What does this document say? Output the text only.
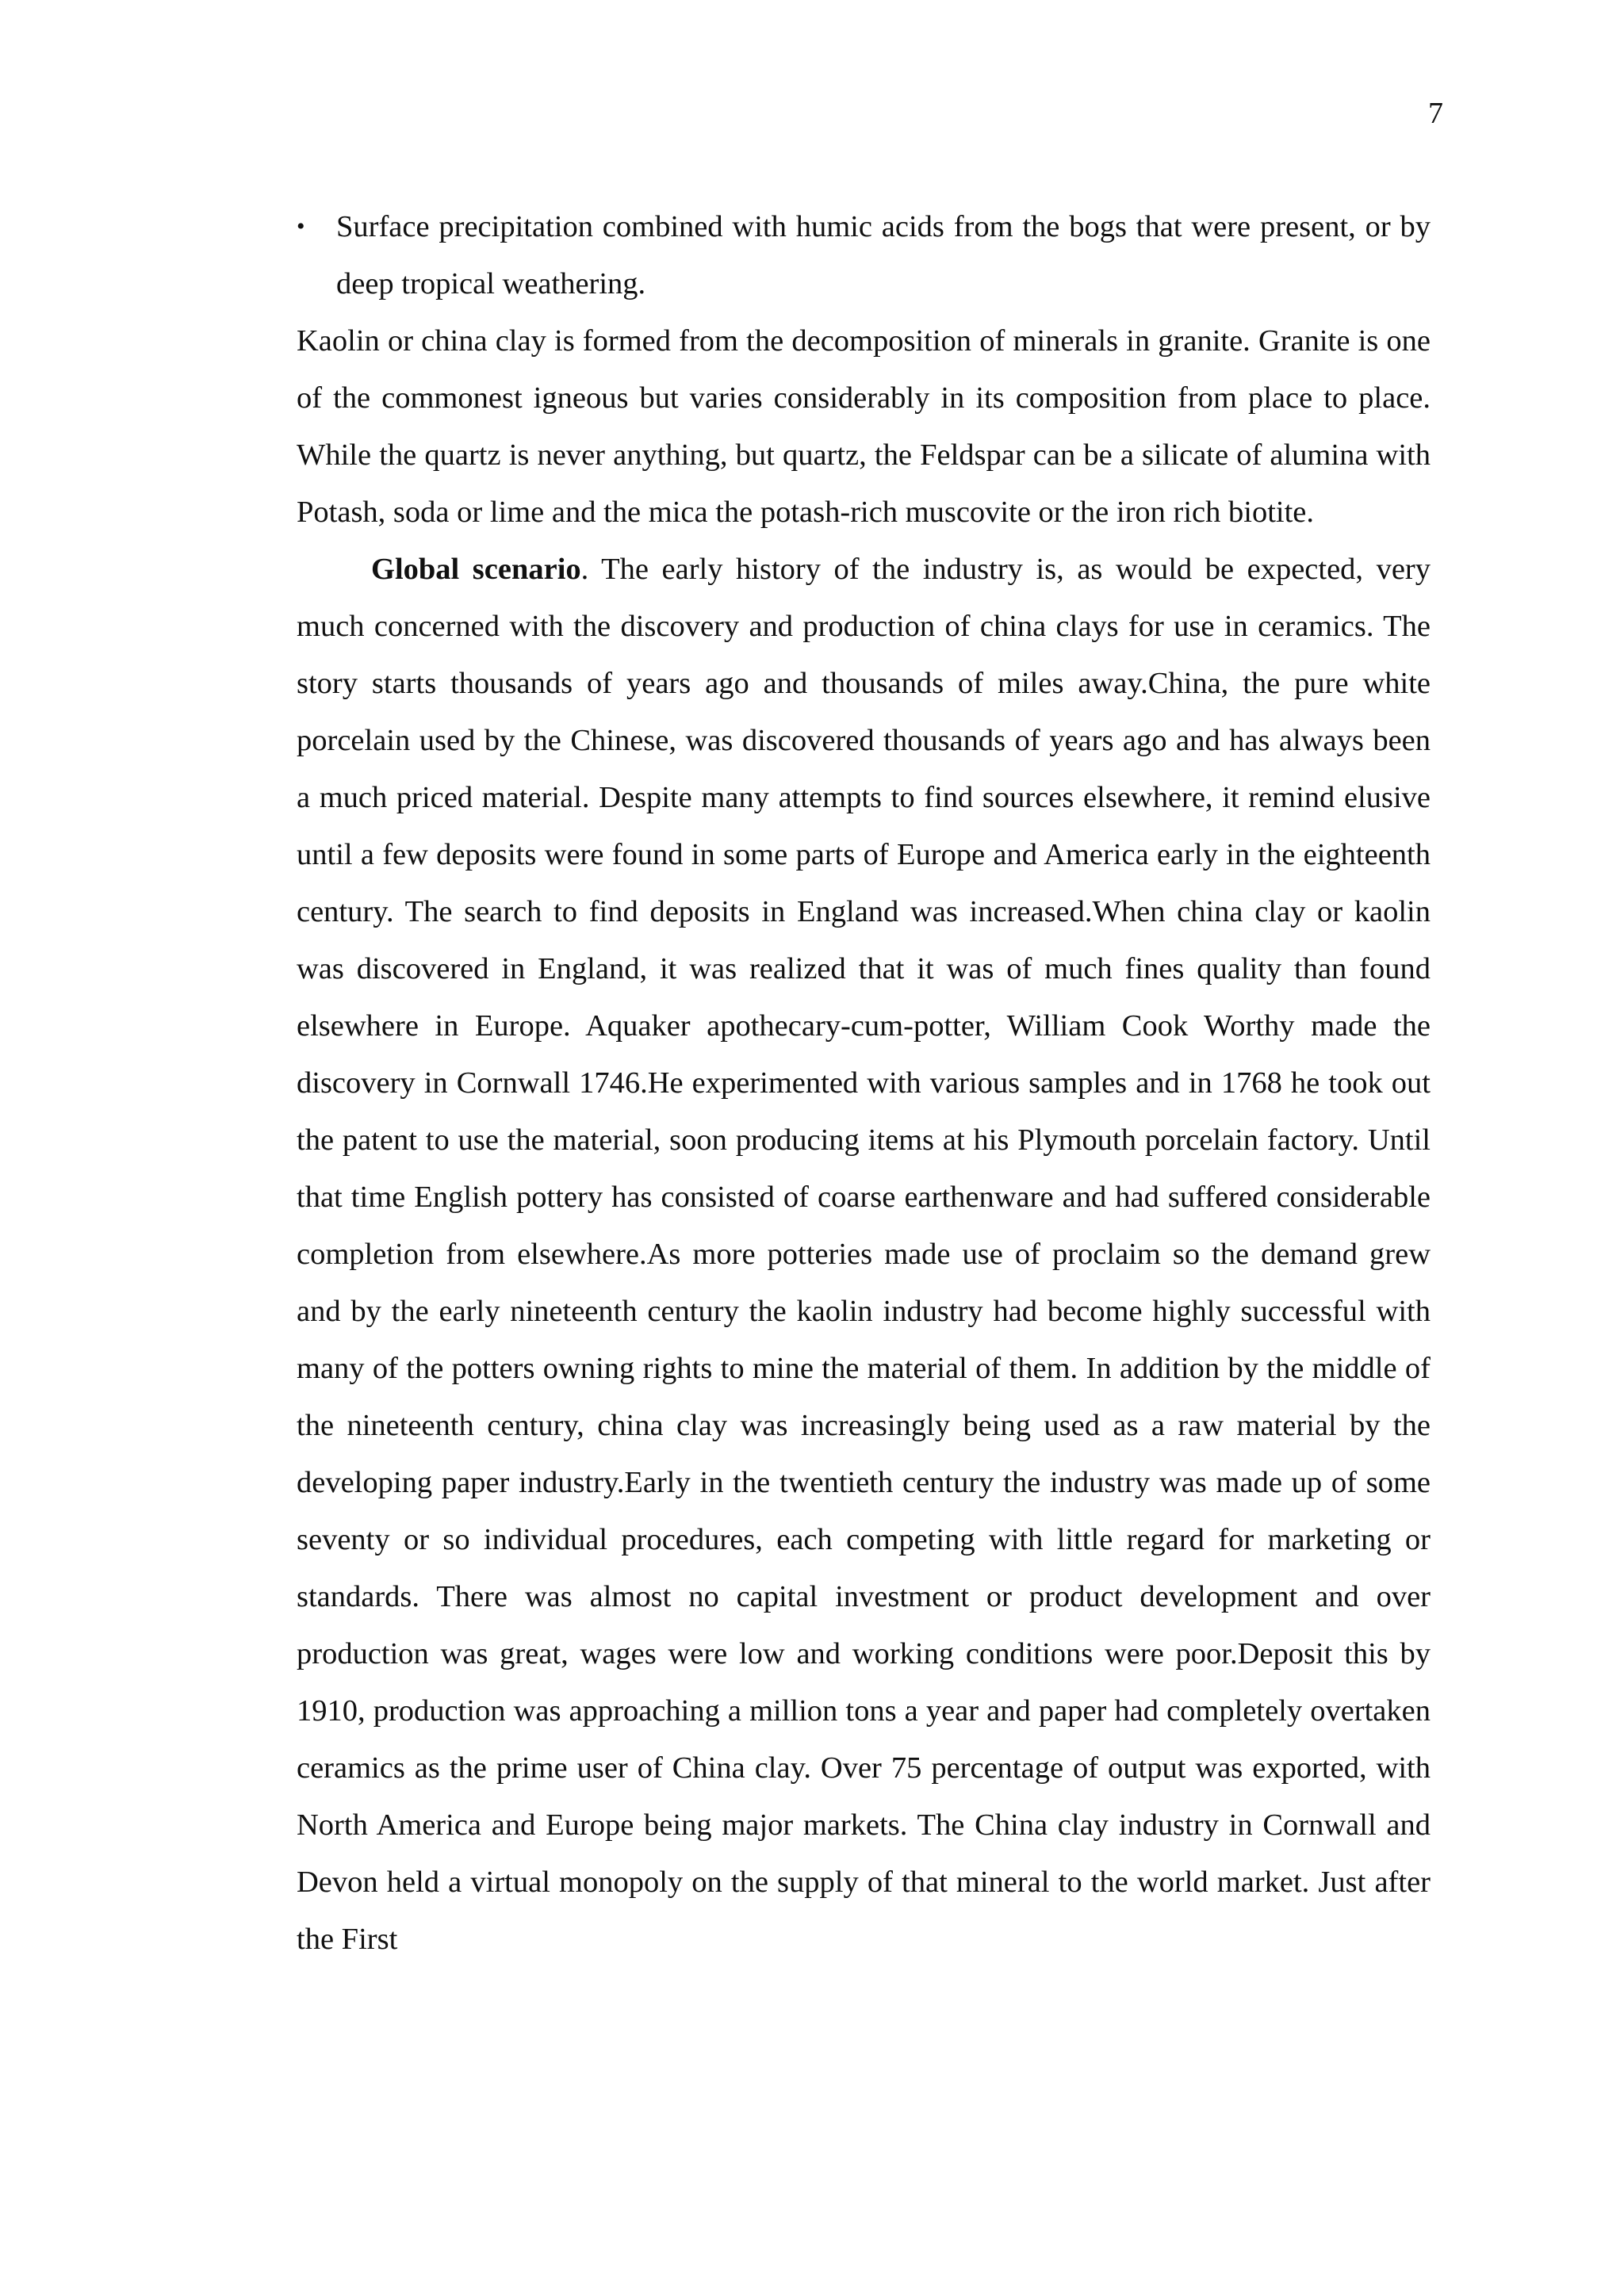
7

• Surface precipitation combined with humic acids from the bogs that were present, or by deep tropical weathering.

Kaolin or china clay is formed from the decomposition of minerals in granite. Granite is one of the commonest igneous but varies considerably in its composition from place to place. While the quartz is never anything, but quartz, the Feldspar can be a silicate of alumina with Potash, soda or lime and the mica the potash-rich muscovite or the iron rich biotite.

Global scenario. The early history of the industry is, as would be expected, very much concerned with the discovery and production of china clays for use in ceramics. The story starts thousands of years ago and thousands of miles away.China, the pure white porcelain used by the Chinese, was discovered thousands of years ago and has always been a much priced material. Despite many attempts to find sources elsewhere, it remind elusive until a few deposits were found in some parts of Europe and America early in the eighteenth century. The search to find deposits in England was increased.When china clay or kaolin was discovered in England, it was realized that it was of much fines quality than found elsewhere in Europe. Aquaker apothecary-cum-potter, William Cook Worthy made the discovery in Cornwall 1746.He experimented with various samples and in 1768 he took out the patent to use the material, soon producing items at his Plymouth porcelain factory. Until that time English pottery has consisted of coarse earthenware and had suffered considerable completion from elsewhere.As more potteries made use of proclaim so the demand grew and by the early nineteenth century the kaolin industry had become highly successful with many of the potters owning rights to mine the material of them. In addition by the middle of the nineteenth century, china clay was increasingly being used as a raw material by the developing paper industry.Early in the twentieth century the industry was made up of some seventy or so individual procedures, each competing with little regard for marketing or standards. There was almost no capital investment or product development and over production was great, wages were low and working conditions were poor.Deposit this by 1910, production was approaching a million tons a year and paper had completely overtaken ceramics as the prime user of China clay. Over 75 percentage of output was exported, with North America and Europe being major markets. The China clay industry in Cornwall and Devon held a virtual monopoly on the supply of that mineral to the world market. Just after the First
